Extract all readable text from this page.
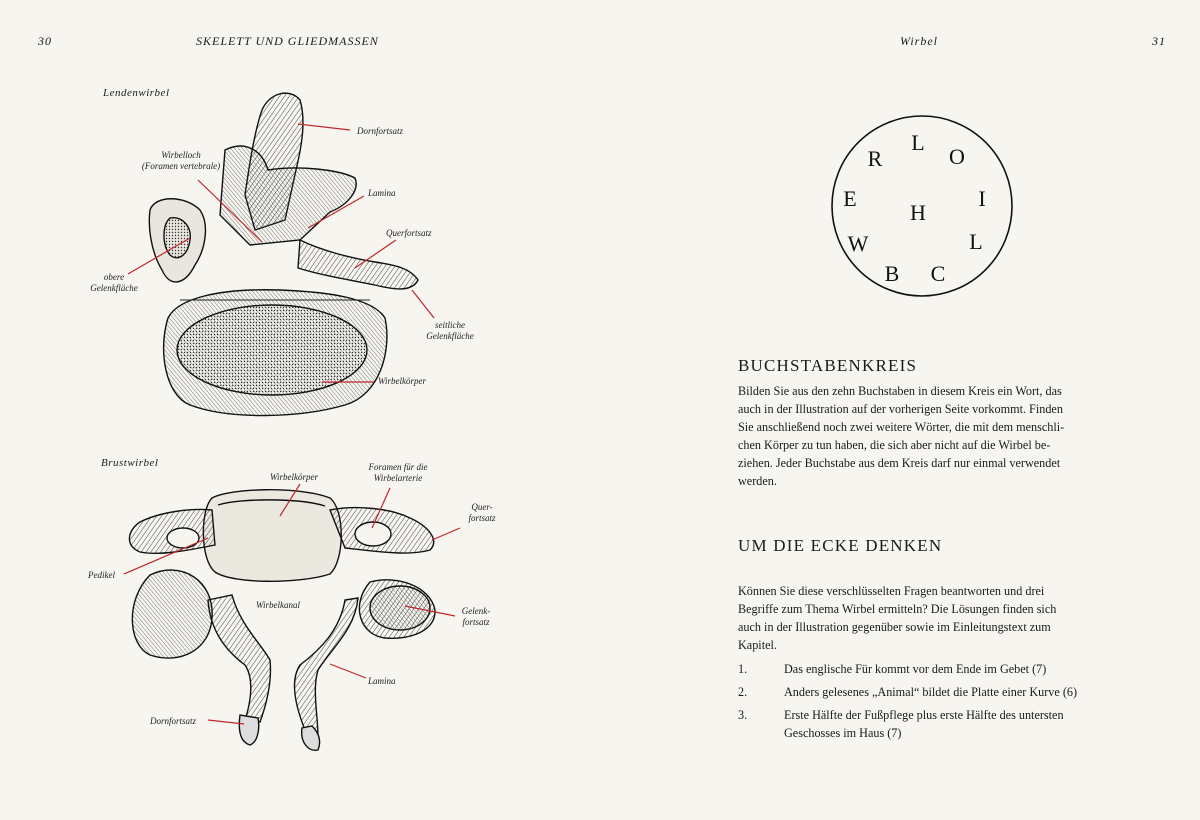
30	SKELETT UND GLIEDMASSEN	Wirbel	31
Lendenwirbel
Dornfortsatz
Wirbelloch
(Foramen vertebrale)
Lamina
Querfortsatz
obere
Gelenkfläche
seitliche
Gelenkfläche
Wirbelkörper
Brustwirbel
Wirbelkörper
Foramen für die
Wirbelarterie
Quer-
fortsatz
Pedikel
Wirbelkanal
Gelenk-
fortsatz
Lamina
Dornfortsatz
L
O
R
E
H
I
W	L
B C
BUCHSTABENKREIS
Bilden Sie aus den zehn Buchstaben in diesem Kreis ein Wort, das
auch in der Illustration auf der vorherigen Seite vorkommt. Finden
Sie anschließend noch zwei weitere Wörter, die mit dem menschli-
chen Körper zu tun haben, die sich aber nicht auf die Wirbel be-
ziehen. Jeder Buchstabe aus dem Kreis darf nur einmal verwendet
werden.
UM DIE ECKE DENKEN
Können Sie diese verschlüsselten Fragen beantworten und drei
Begriffe zum Thema Wirbel ermitteln? Die Lösungen finden sich
auch in der Illustration gegenüber sowie im Einleitungstext zum
Kapitel.
1.	Das englische Für kommt vor dem Ende im Gebet (7)
2.	Anders gelesenes „Animal“ bildet die Platte einer Kurve (6)
3.	Erste Hälfte der Fußpflege plus erste Hälfte des untersten
Geschosses im Haus (7)
